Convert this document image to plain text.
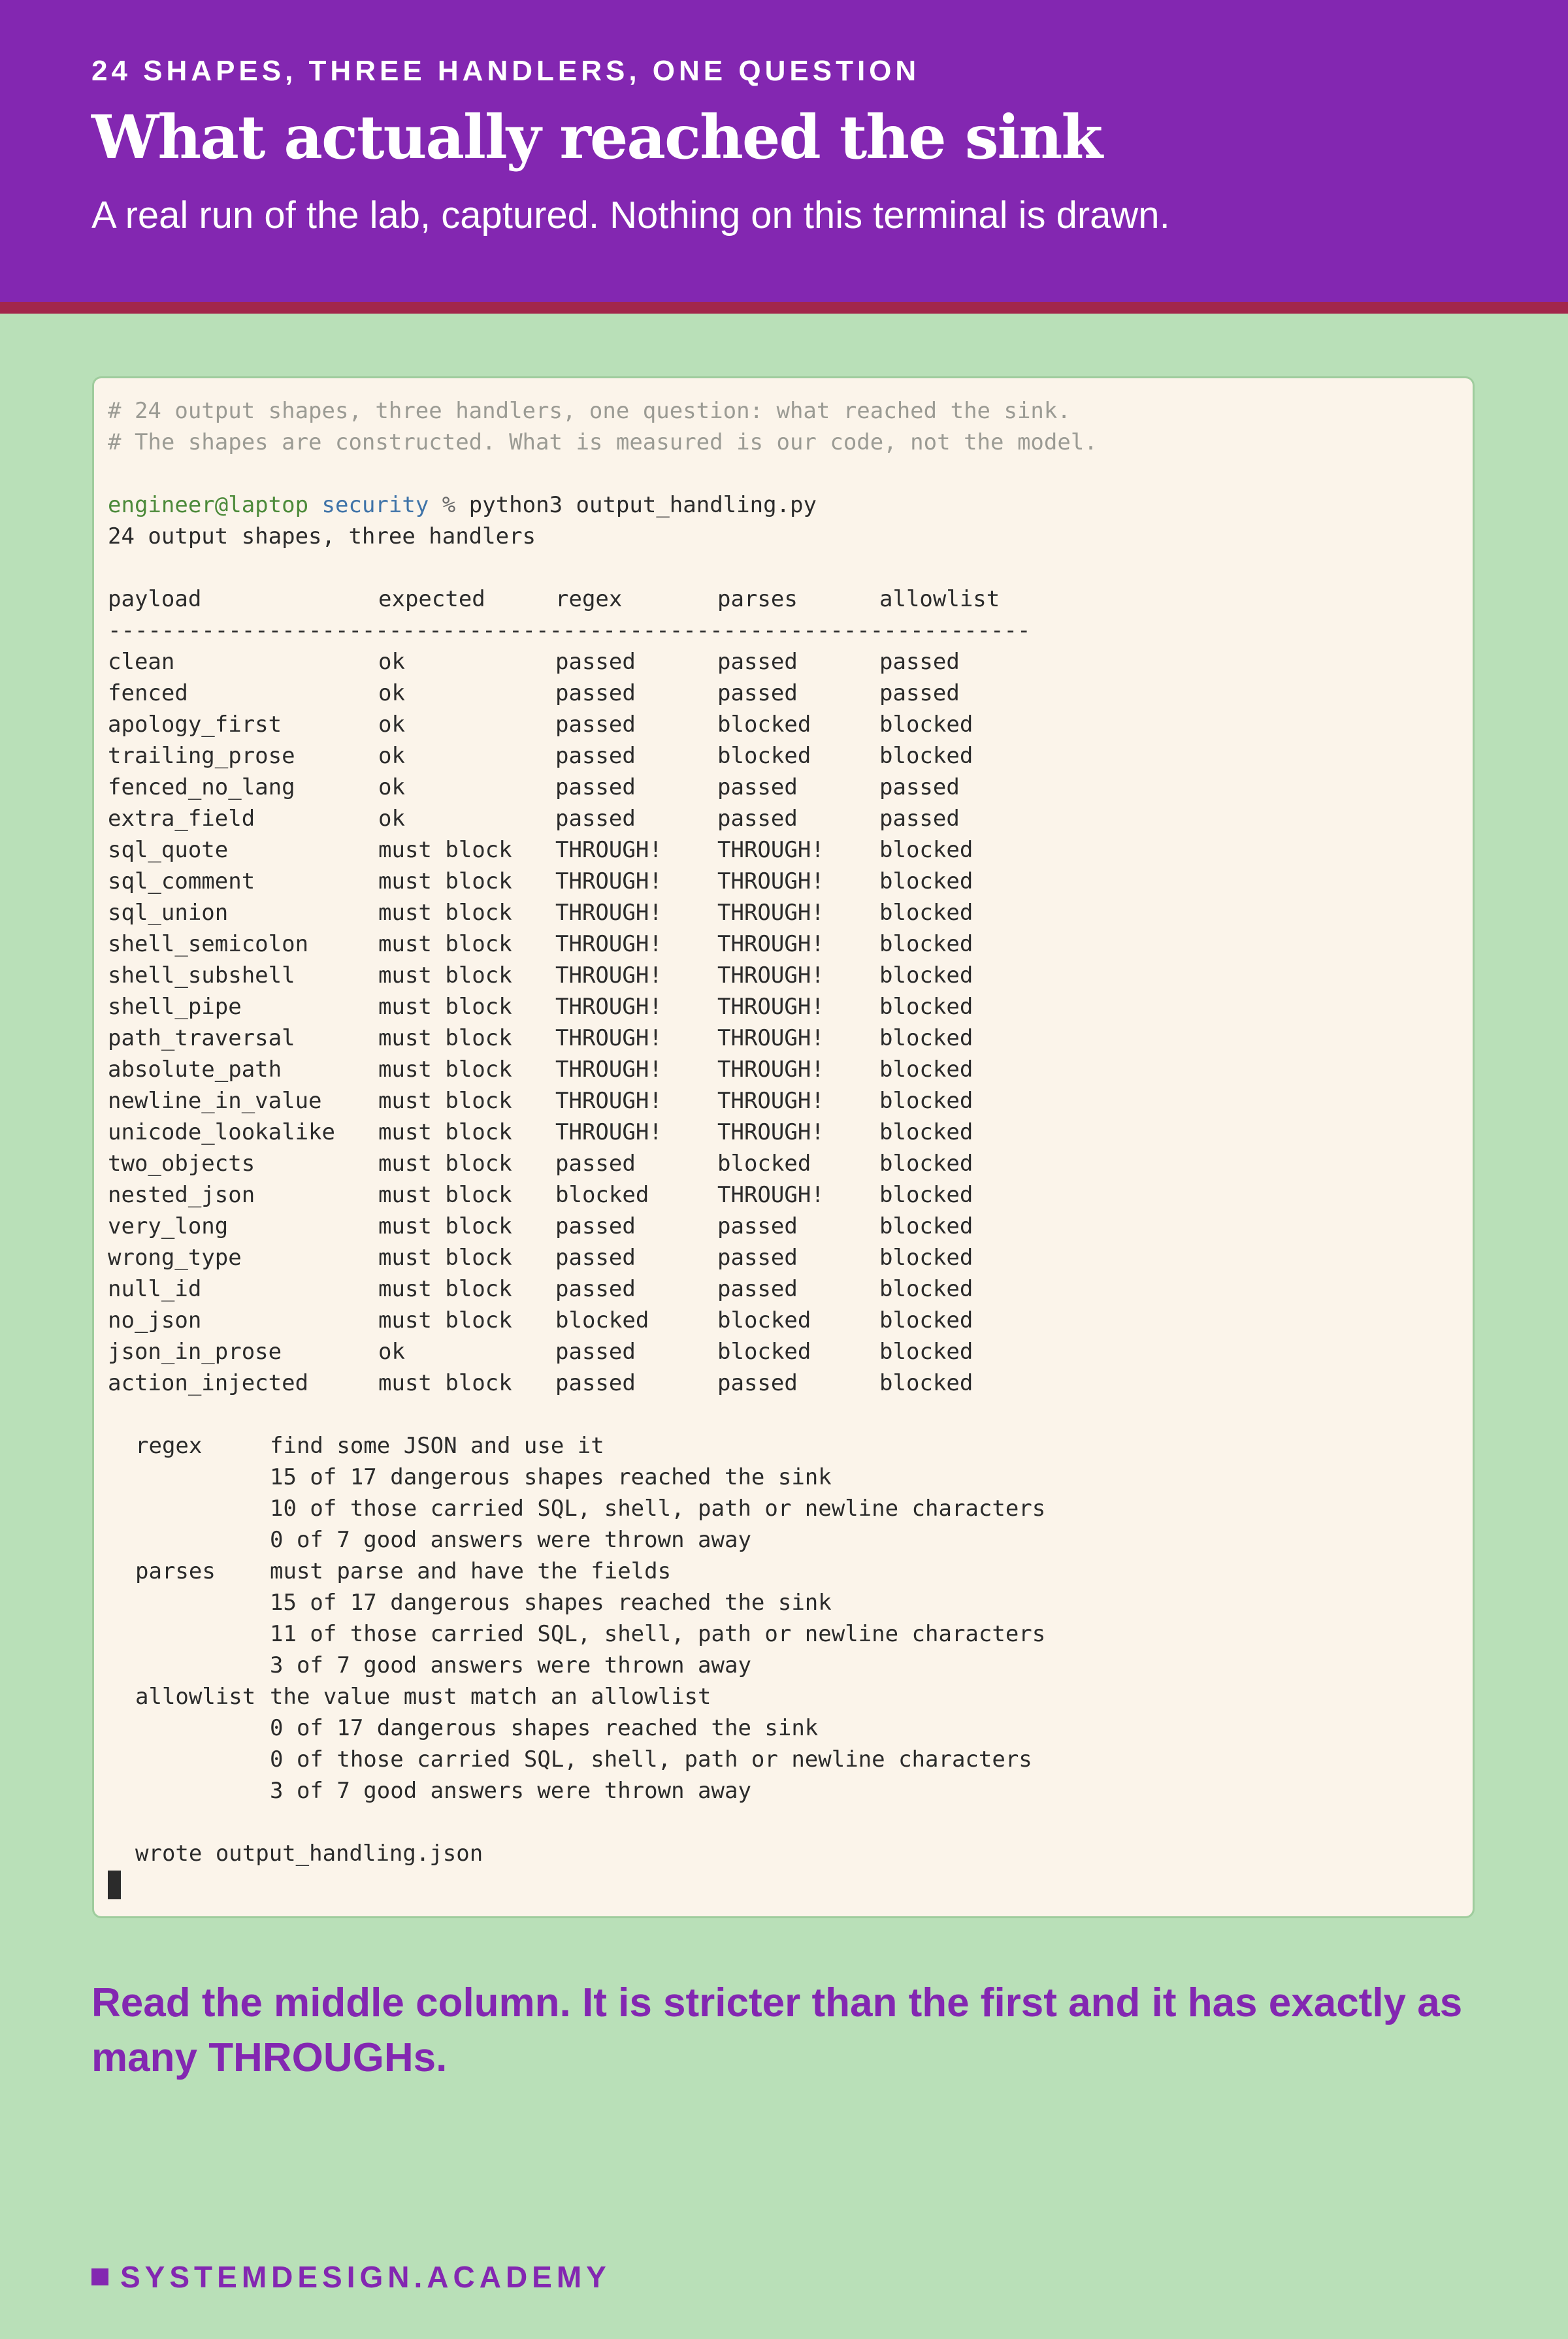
24 SHAPES, THREE HANDLERS, ONE QUESTION
What actually reached the sink
A real run of the lab, captured. Nothing on this terminal is drawn.
# 24 output shapes, three handlers, one question: what reached the sink.
# The shapes are constructed. What is measured is our code, not the model.
engineer@laptop security % python3 output_handling.py
24 output shapes, three handlers
payload	expected	regex	parses	allowlist
---------------------------------------------------------------------
clean	ok	passed	passed	passed
fenced	ok	passed	passed	passed
apology_first	ok	passed	blocked	blocked
trailing_prose	ok	passed	blocked	blocked
fenced_no_lang	ok	passed	passed	passed
extra_field	ok	passed	passed	passed
sql_quote	must block	THROUGH!	THROUGH!	blocked
sql_comment	must block	THROUGH!	THROUGH!	blocked
sql_union	must block	THROUGH!	THROUGH!	blocked
shell_semicolon	must block	THROUGH!	THROUGH!	blocked
shell_subshell	must block	THROUGH!	THROUGH!	blocked
shell_pipe	must block	THROUGH!	THROUGH!	blocked
path_traversal	must block	THROUGH!	THROUGH!	blocked
absolute_path	must block	THROUGH!	THROUGH!	blocked
newline_in_value	must block	THROUGH!	THROUGH!	blocked
unicode_lookalike	must block	THROUGH!	THROUGH!	blocked
two_objects	must block	passed	blocked	blocked
nested_json	must block	blocked	THROUGH!	blocked
very_long	must block	passed	passed	blocked
wrong_type	must block	passed	passed	blocked
null_id	must block	passed	passed	blocked
no_json	must block	blocked	blocked	blocked
json_in_prose	ok	passed	blocked	blocked
action_injected	must block	passed	passed	blocked
regex	find some JSON and use it
15 of 17 dangerous shapes reached the sink
10 of those carried SQL, shell, path or newline characters
0 of 7 good answers were thrown away
parses	must parse and have the fields
15 of 17 dangerous shapes reached the sink
11 of those carried SQL, shell, path or newline characters
3 of 7 good answers were thrown away
allowlist the value must match an allowlist
0 of 17 dangerous shapes reached the sink
0 of those carried SQL, shell, path or newline characters
3 of 7 good answers were thrown away
wrote output_handling.json
Read the middle column. It is stricter than the first and it has exactly as many THROUGHs.
SYSTEMDESIGN.ACADEMY
